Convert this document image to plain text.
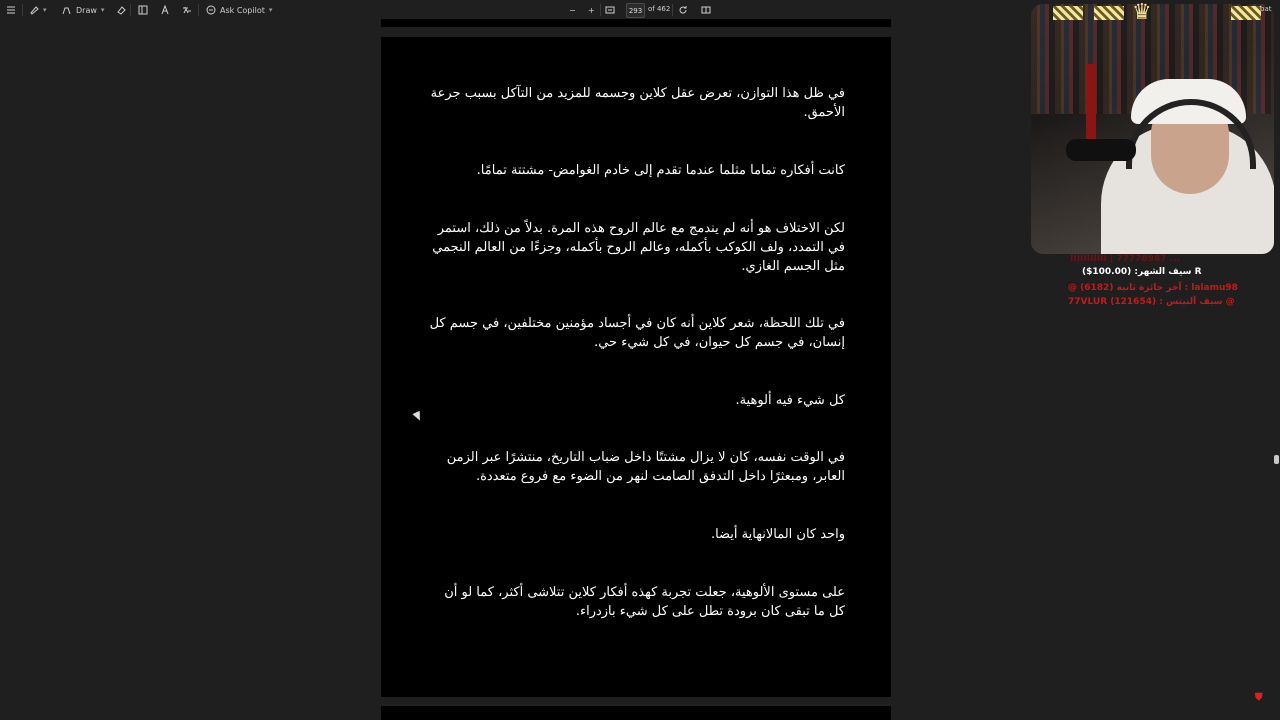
▾	Draw ▾	Ask Copilot ▾	− +	293 of 462

في ظل هذا التوازن، تعرض عقل كلاين وجسمه للمزيد من التآكل بسبب جرعة الأحمق.

كانت أفكاره تماما مثلما عندما تقدم إلى خادم الغوامض- مشتتة تمامًا.

لكن الاختلاف هو أنه لم يندمج مع عالم الروح هذه المرة. بدلاً من ذلك، استمر في التمدد، ولف الكوكب بأكمله، وعالم الروح بأكمله، وجزءًا من العالم النجمي مثل الجسم الغازي.

في تلك اللحظة، شعر كلاين أنه كان في أجساد مؤمنين مختلفين، في جسم كل إنسان، في جسم كل حيوان، في كل شيء حي.

كل شيء فيه ألوهية.

في الوقت نفسه، كان لا يزال مشتتًا داخل ضباب التاريخ، منتشرًا عبر الزمن العابر، ومبعثرًا داخل التدفق الصامت لنهر من الضوء مع فروع متعددة.

واحد كان المالانهاية أيضا.

على مستوى الألوهية، جعلت تجربة كهذه أفكار كلاين تتلاشى أكثر، كما لو أن كل ما تبقى كان برودة تطل على كل شيء بازدراء.

♛	bat
IIIIIIIIIII | 77778987 ...
سيف الشهر: (100.00$) R
@ آخر جائزة ثانية (6182) : lalamu98
77VLUR (121654) : سيف آلنيتس @
⛊
